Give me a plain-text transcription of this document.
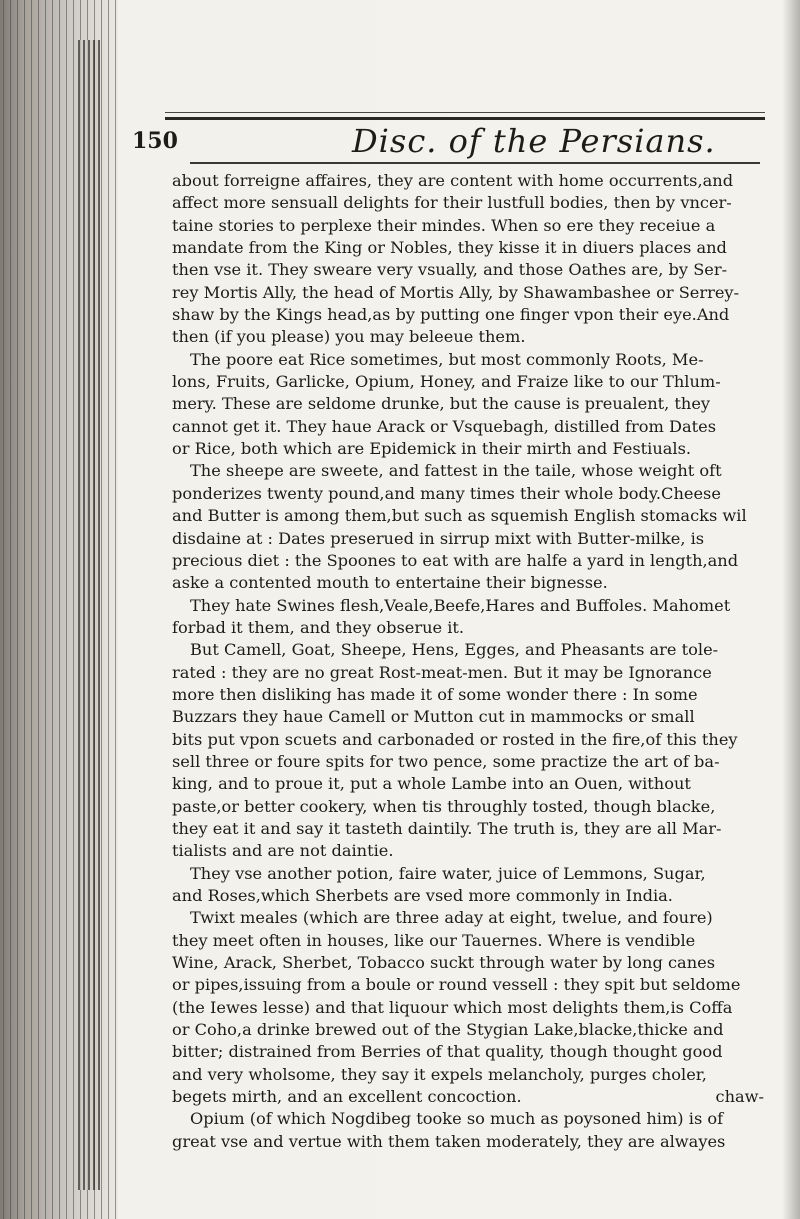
150	Disc. of the Persians.
about forreigne affaires, they are content with home occurrents,and
affect more sensuall delights for their lustfull bodies, then by vncer-
taine stories to perplexe their mindes. When so ere they receiue a
mandate from the King or Nobles, they kisse it in diuers places and
then vse it. They sweare very vsually, and those Oathes are, by Ser-
rey Mortis Ally, the head of Mortis Ally, by Shawambashee or Serrey-
shaw by the Kings head,as by putting one finger vpon their eye.And
then (if you please) you may beleeue them.
The poore eat Rice sometimes, but most commonly Roots, Me-
lons, Fruits, Garlicke, Opium, Honey, and Fraize like to our Thlum-
mery. These are seldome drunke, but the cause is preualent, they
cannot get it. They haue Arack or Vsquebagh, distilled from Dates
or Rice, both which are Epidemick in their mirth and Festiuals.
The sheepe are sweete, and fattest in the taile, whose weight oft
ponderizes twenty pound,and many times their whole body.Cheese
and Butter is among them,but such as squemish English stomacks wil
disdaine at : Dates preserued in sirrup mixt with Butter-milke, is
precious diet : the Spoones to eat with are halfe a yard in length,and
aske a contented mouth to entertaine their bignesse.
They hate Swines flesh,Veale,Beefe,Hares and Buffoles. Mahomet
forbad it them, and they obserue it.
But Camell, Goat, Sheepe, Hens, Egges, and Pheasants are tole-
rated : they are no great Rost-meat-men. But it may be Ignorance
more then disliking has made it of some wonder there : In some
Buzzars they haue Camell or Mutton cut in mammocks or small
bits put vpon scuets and carbonaded or rosted in the fire,of this they
sell three or foure spits for two pence, some practize the art of ba-
king, and to proue it, put a whole Lambe into an Ouen, without
paste,or better cookery, when tis throughly tosted, though blacke,
they eat it and say it tasteth daintily. The truth is, they are all Mar-
tialists and are not daintie.
They vse another potion, faire water, juice of Lemmons, Sugar,
and Roses,which Sherbets are vsed more commonly in India.
Twixt meales (which are three aday at eight, twelue, and foure)
they meet often in houses, like our Tauernes. Where is vendible
Wine, Arack, Sherbet, Tobacco suckt through water by long canes
or pipes,issuing from a boule or round vessell : they spit but seldome
(the Iewes lesse) and that liquour which most delights them,is Coffa
or Coho,a drinke brewed out of the Stygian Lake,blacke,thicke and
bitter; distrained from Berries of that quality, though thought good
and very wholsome, they say it expels melancholy, purges choler,
begets mirth, and an excellent concoction.
Opium (of which Nogdibeg tooke so much as poysoned him) is of
great vse and vertue with them taken moderately, they are alwayes
chaw-
